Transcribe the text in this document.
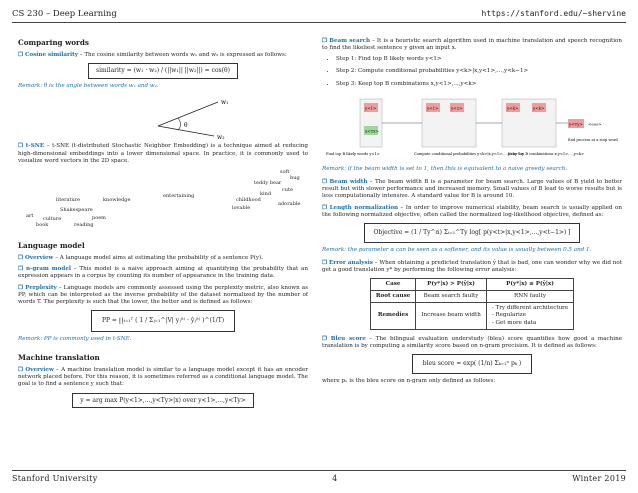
CS 230 – Deep Learning	https://stanford.edu/~shervine
Comparing words

❐ Cosine similarity – The cosine similarity between words w₁ and w₂ is expressed as follows:

similarity = (w₁ · w₂) / (||w₁|| ||w₂||) = cos(θ)
Remark: θ is the angle between words w₁ and w₂.
w₁
w₂
θ

❐ t-SNE – t-SNE (t-distributed Stochastic Neighbor Embedding) is a technique aimed at reducing high-dimensional embeddings into a lower dimensional space. In practice, it is commonly used to visualize word vectors in the 2D space.

soft
hug
teddy bear
cute
kind
childhood
lovable
adorable
entertaining
literature	knowledge
Shakespeare
art culture	poem
book	reading
Language model

❐ Overview – A language model aims at estimating the probability of a sentence P(y).

❐ n-gram model – This model is a naive approach aiming at quantifying the probability that an expression appears in a corpus by counting its number of appearance in the training data.

❐ Perplexity – Language models are commonly assessed using the perplexity metric, also known as PP, which can be interpreted as the inverse probability of the dataset normalized by the number of words T. The perplexity is such that the lower, the better and is defined as follows:

PP = ∏ₜ₌₁ᵀ ( 1 / Σⱼ₌₁^|V| yⱼ⁽ᵗ⁾ · ŷⱼ⁽ᵗ⁾ )^(1/T)
Remark: PP is commonly used in t-SNE.
Machine translation

❐ Overview – A machine translation model is similar to a language model except it has an encoder network placed before. For this reason, it is sometimes referred as a conditional language model. The goal is to find a sentence y such that:

y = arg max P(y<1>,...,y<Ty>|x) over y<1>,...,y<Ty>

❐ Beam search – It is a heuristic search algorithm used in machine translation and speech recognition to find the likeliest sentence y given an input x.

• Step 1: Find top B likely words y<1>
• Step 2: Compute conditional probabilities y<k>|x,y<1>,...,y<k−1>
• Step 3: Keep top B combinations x,y<1>,...,y<k>
y<1>
x<Tx>
y<1>	y<2>	y<k>	y<k>
y<Ty> <eos>
Find top B likely words y<1>	Compute conditional probabilities y<k>|x,y<1>,...,y<k−1>
Keep top B combinations x,y<1>,...,y<k>
End process at a stop word
Remark: if the beam width is set to 1, then this is equivalent to a naive greedy search.

❐ Beam width – The beam width B is a parameter for beam search. Large values of B yield to better result but with slower performance and increased memory. Small values of B lead to worse results but is less computationally intensive. A standard value for B is around 10.

❐ Length normalization – In order to improve numerical stability, beam search is usually applied on the following normalized objective, often called the normalized log-likelihood objective, defined as:

Objective = (1 / Ty^α) Σₜ₌₁^Ty log[ p(y<t>|x,y<1>,...,y<t−1>) ]
Remark: the parameter α can be seen as a softener, and its value is usually between 0.5 and 1.

❐ Error analysis – When obtaining a predicted translation ŷ that is bad, one can wonder why we did not get a good translation y* by performing the following error analysis:

Case	P(y*|x) > P(ŷ|x)	P(y*|x) ≤ P(ŷ|x)
Root cause	Beam search faulty	RNN faulty
Remedies	Increase beam width	- Try different architecture
- Regularize
- Get more data

❐ Bleu score – The bilingual evaluation understudy (bleu) score quantifies how good a machine translation is by computing a similarity score based on n-gram precision. It is defined as follows:

bleu score = exp( (1/n) Σₖ₌₁ⁿ pₖ )

where pₙ is the bleu score on n-gram only defined as follows:

Stanford University	4	Winter 2019
